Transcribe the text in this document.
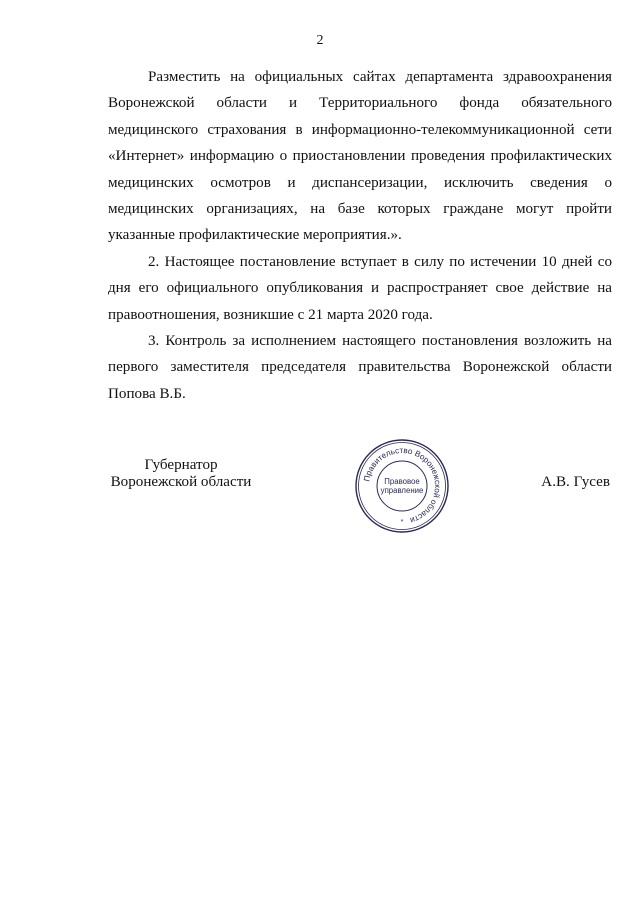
2

Разместить на официальных сайтах департамента здравоохранения Воронежской области и Территориального фонда обязательного медицинского страхования в информационно-телекоммуникационной сети «Интернет» информацию о приостановлении проведения профилактических медицинских осмотров и диспансеризации, исключить сведения о медицинских организациях, на базе которых граждане могут пройти указанные профилактические мероприятия.».

2. Настоящее постановление вступает в силу по истечении 10 дней со дня его официального опубликования и распространяет свое действие на правоотношения, возникшие с 21 марта 2020 года.

3. Контроль за исполнением настоящего постановления возложить на первого заместителя председателя правительства Воронежской области Попова В.Б.

Губернатор
Воронежской области	Правительство Воронежской области
Правовое
управление
*
А.В. Гусев
